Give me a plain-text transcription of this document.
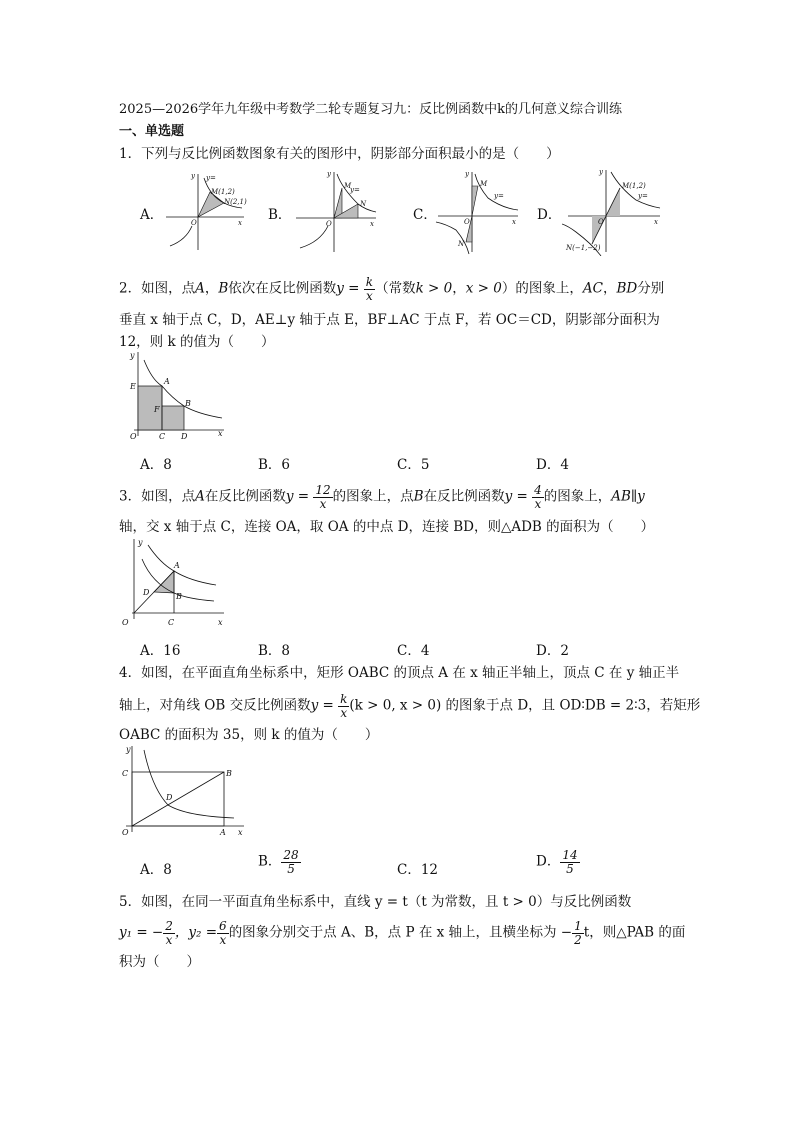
2025—2026学年九年级中考数学二轮专题复习九：反比例函数中k的几何意义综合训练
一、单选题
1．下列与反比例函数图象有关的图形中，阴影部分面积最小的是（　　）
A．
y=
M(1,2)
N(2,1)
O	x
y
B．
M
N
O	x
y
y=
C．
M
N
O	x
y
y=
D．
M(1,2)
N(−1,−2)
O	x
y
y=
2．如图，点A，B依次在反比例函数$y = \frac{k}{x}$ （常数k > 0，x > 0）的图象上，AC，BD分别
垂直 x 轴于点 C，D，AE⊥y 轴于点 E，BF⊥AC 于点 F，若 OC＝CD，阴影部分面积为
12，则 k 的值为（　　）
y
E
A
F
B
O	C D	x
A．8	B．6	C．5	D．4
3．如图，点A在反比例函数$y = \frac{12}{x}$ 的图象上，点B在反比例函数$y = \frac{4}{x}$ 的图象上，AB∥y
轴，交 x 轴于点 C，连接 OA，取 OA 的中点 D，连接 BD，则△ADB 的面积为（　　）
y
A
D	B
O	C	x
A．16	B．8	C．4	D．2
4．如图，在平面直角坐标系中，矩形 OABC 的顶点 A 在 x 轴正半轴上，顶点 C 在 y 轴正半
轴上，对角线 OB 交反比例函数$y = \frac{k}{x} (k > 0$, x > 0) 的图象于点 D，且 OD∶DB = 2∶3，若矩形
OABC 的面积为 35，则 k 的值为（　　）
y
C	B
D
O	A x
A．8
B． $\frac{28}{5}$	C．12
D． $\frac{14}{5}$
5．如图，在同一平面直角坐标系中，直线 y = t（t 为常数，且 t > 0）与反比例函数
y₁ = − $\frac{2}{x}$ ，$y_2 = \frac{6}{x}$ 的图象分别交于点 A、B，点 P 在 x 轴上，且横坐标为 − $\frac{1}{2}$ t，则△PAB 的面
积为（　　）
